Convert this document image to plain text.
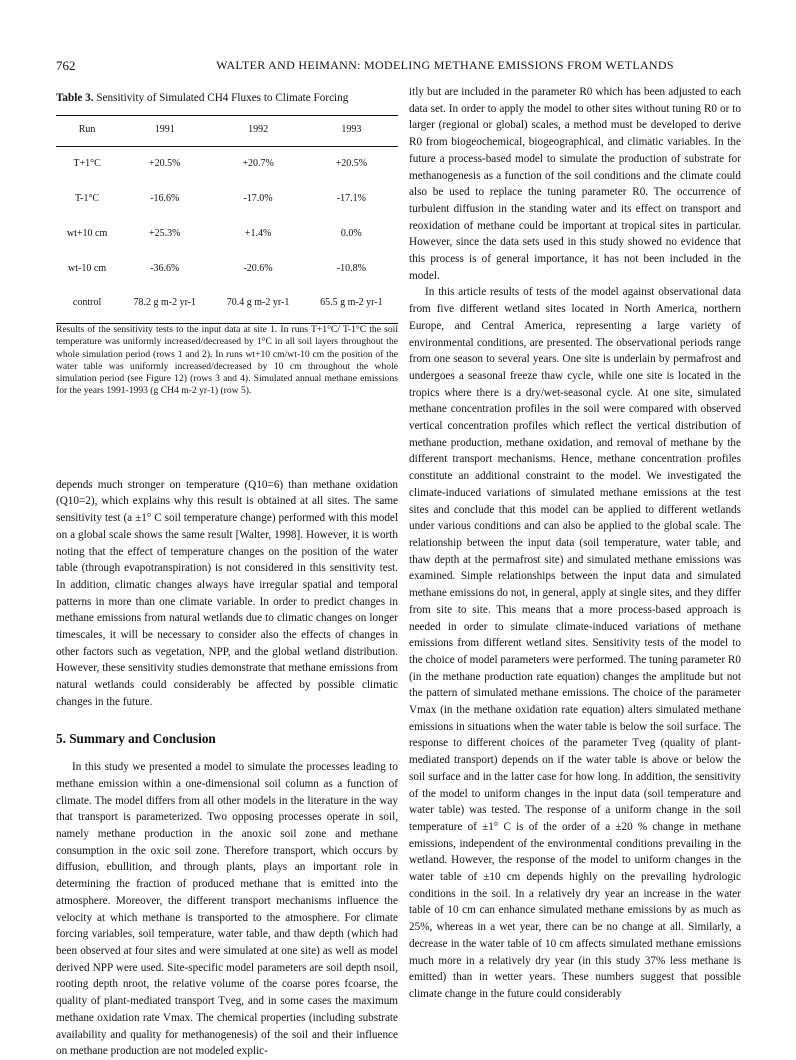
762	WALTER AND HEIMANN: MODELING METHANE EMISSIONS FROM WETLANDS
Table 3. Sensitivity of Simulated CH4 Fluxes to Climate Forcing
Run	1991	1992	1993
T+1°C	+20.5%	+20.7%	+20.5%
T-1°C	-16.6%	-17.0%	-17.1%
wt+10 cm	+25.3%	+1.4%	0.0%
wt-10 cm	-36.6%	-20.6%	-10.8%
control	78.2 g m-2 yr-1	70.4 g m-2 yr-1	65.5 g m-2 yr-1

Results of the sensitivity tests to the input data at site 1. In runs T+1°C/ T-1°C the soil temperature was uniformly increased/decreased by 1°C in all soil layers throughout the whole simulation period (rows 1 and 2). In runs wt+10 cm/wt-10 cm the position of the water table was uniformly increased/decreased by 10 cm throughout the whole simulation period (see Figure 12) (rows 3 and 4). Simulated annual methane emissions for the years 1991-1993 (g CH4 m-2 yr-1) (row 5).

depends much stronger on temperature (Q10=6) than methane oxidation (Q10=2), which explains why this result is obtained at all sites. The same sensitivity test (a ±1° C soil temperature change) performed with this model on a global scale shows the same result [Walter, 1998]. However, it is worth noting that the effect of temperature changes on the position of the water table (through evapotranspiration) is not considered in this sensitivity test. In addition, climatic changes always have irregular spatial and temporal patterns in more than one climate variable. In order to predict changes in methane emissions from natural wetlands due to climatic changes on longer timescales, it will be necessary to consider also the effects of changes in other factors such as vegetation, NPP, and the global wetland distribution. However, these sensitivity studies demonstrate that methane emissions from natural wetlands could considerably be affected by possible climatic changes in the future.

5. Summary and Conclusion

In this study we presented a model to simulate the processes leading to methane emission within a one-dimensional soil column as a function of climate. The model differs from all other models in the literature in the way that transport is parameterized. Two opposing processes operate in soil, namely methane production in the anoxic soil zone and methane consumption in the oxic soil zone. Therefore transport, which occurs by diffusion, ebullition, and through plants, plays an important role in determining the fraction of produced methane that is emitted into the atmosphere. Moreover, the different transport mechanisms influence the velocity at which methane is transported to the atmosphere. For climate forcing variables, soil temperature, water table, and thaw depth (which had been observed at four sites and were simulated at one site) as well as model derived NPP were used. Site-specific model parameters are soil depth nsoil, rooting depth nroot, the relative volume of the coarse pores fcoarse, the quality of plant-mediated transport Tveg, and in some cases the maximum methane oxidation rate Vmax. The chemical properties (including substrate availability and quality for methanogenesis) of the soil and their influence on methane production are not modeled explic-

itly but are included in the parameter R0 which has been adjusted to each data set. In order to apply the model to other sites without tuning R0 or to larger (regional or global) scales, a method must be developed to derive R0 from biogeochemical, biogeographical, and climatic variables. In the future a process-based model to simulate the production of substrate for methanogenesis as a function of the soil conditions and the climate could also be used to replace the tuning parameter R0. The occurrence of turbulent diffusion in the standing water and its effect on transport and reoxidation of methane could be important at tropical sites in particular. However, since the data sets used in this study showed no evidence that this process is of general importance, it has not been included in the model.

In this article results of tests of the model against observational data from five different wetland sites located in North America, northern Europe, and Central America, representing a large variety of environmental conditions, are presented. The observational periods range from one season to several years. One site is underlain by permafrost and undergoes a seasonal freeze thaw cycle, while one site is located in the tropics where there is a dry/wet-seasonal cycle. At one site, simulated methane concentration profiles in the soil were compared with observed vertical concentration profiles which reflect the vertical distribution of methane production, methane oxidation, and removal of methane by the different transport mechanisms. Hence, methane concentration profiles constitute an additional constraint to the model. We investigated the climate-induced variations of simulated methane emissions at the test sites and conclude that this model can be applied to different wetlands under various conditions and can also be applied to the global scale. The relationship between the input data (soil temperature, water table, and thaw depth at the permafrost site) and simulated methane emissions was examined. Simple relationships between the input data and simulated methane emissions do not, in general, apply at single sites, and they differ from site to site. This means that a more process-based approach is needed in order to simulate climate-induced variations of methane emissions from different wetland sites. Sensitivity tests of the model to the choice of model parameters were performed. The tuning parameter R0 (in the methane production rate equation) changes the amplitude but not the pattern of simulated methane emissions. The choice of the parameter Vmax (in the methane oxidation rate equation) alters simulated methane emissions in situations when the water table is below the soil surface. The response to different choices of the parameter Tveg (quality of plant-mediated transport) depends on if the water table is above or below the soil surface and in the latter case for how long. In addition, the sensitivity of the model to uniform changes in the input data (soil temperature and water table) was tested. The response of a uniform change in the soil temperature of ±1° C is of the order of a ±20 % change in methane emissions, independent of the environmental conditions prevailing in the wetland. However, the response of the model to uniform changes in the water table of ±10 cm depends highly on the prevailing hydrologic conditions in the soil. In a relatively dry year an increase in the water table of 10 cm can enhance simulated methane emissions by as much as 25%, whereas in a wet year, there can be no change at all. Similarly, a decrease in the water table of 10 cm affects simulated methane emissions much more in a relatively dry year (in this study 37% less methane is emitted) than in wetter years. These numbers suggest that possible climate change in the future could considerably
